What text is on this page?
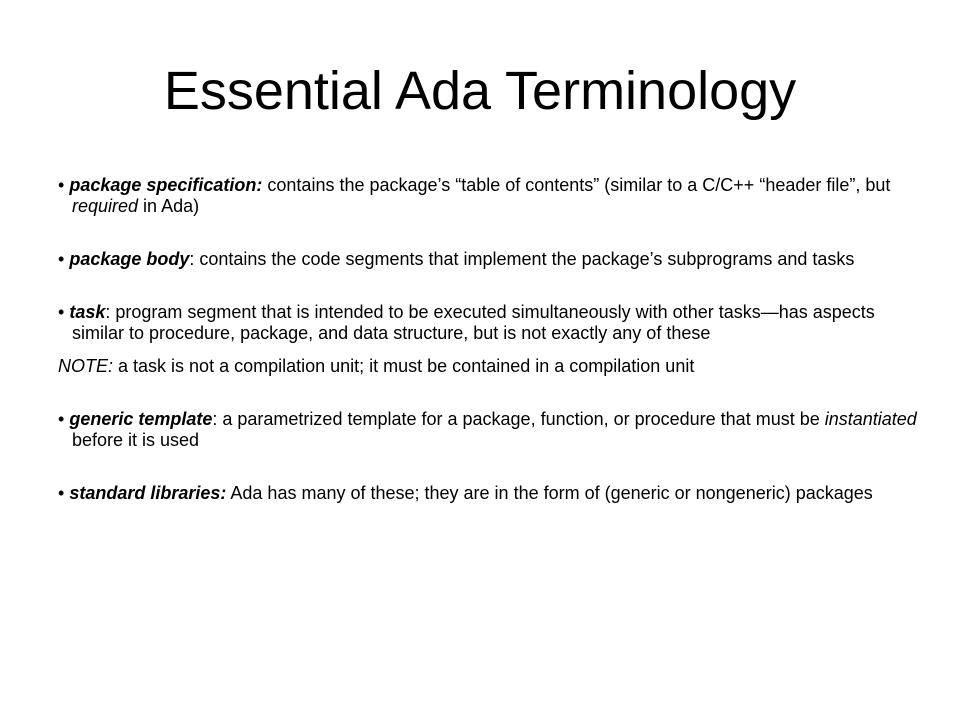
Essential Ada Terminology
• package specification: contains the package’s “table of contents” (similar to a C/C++ “header file”, but required in Ada)
• package body: contains the code segments that implement the package’s subprograms and tasks
• task: program segment that is intended to be executed simultaneously with other tasks—has aspects similar to procedure, package, and data structure, but is not exactly any of these
NOTE: a task is not a compilation unit; it must be contained in a compilation unit
• generic template: a parametrized template for a package, function, or procedure that must be instantiated before it is used
• standard libraries: Ada has many of these; they are in the form of (generic or nongeneric) packages
